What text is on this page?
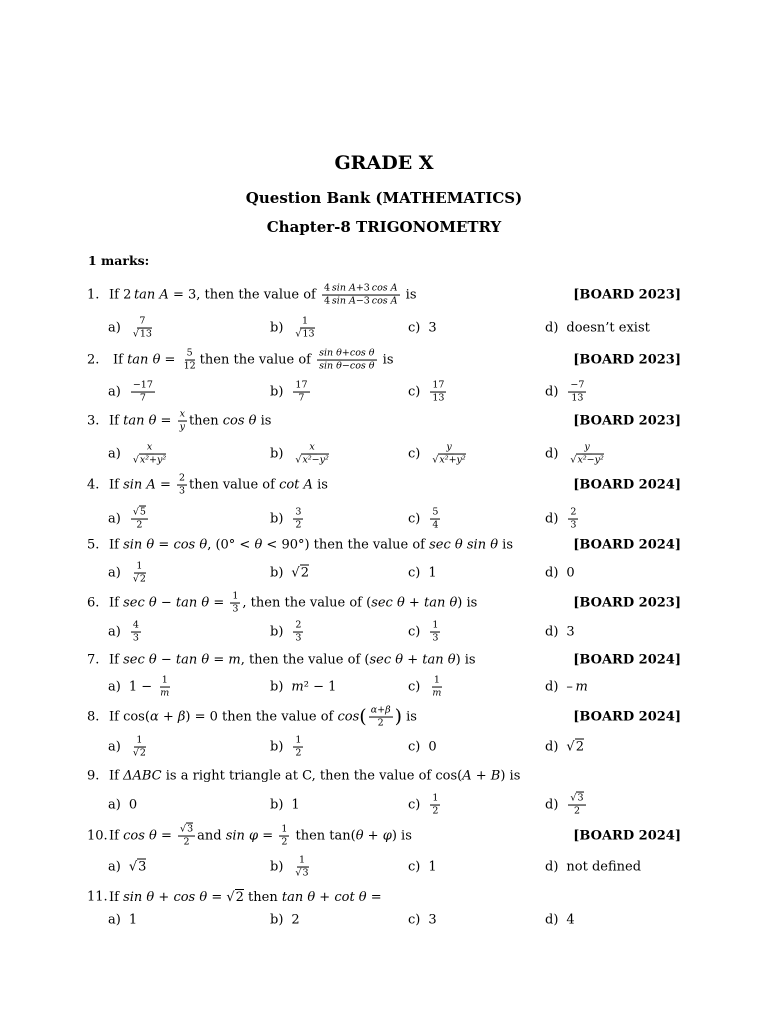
GRADE X
Question Bank (MATHEMATICS)
Chapter-8 TRIGONOMETRY
1 marks:
1. If 2  tan A = 3, then the value of $\frac{\text{4 sin A+3 cos A}}{\text{4 sin A−3 cos A}}$ is	[BOARD 2023]
$a) \frac{7}{√13}$	$b) \frac{1}{√13}$	c) 3	d) doesn’t exist
2. If $\tan \theta = \frac{5}{12}$ then the value of $\frac{\text{sin θ+cos θ}}{\text{sin θ−cos θ}}$ is	[BOARD 2023]
$a) \frac{-17}{7}$	$b) \frac{17}{7}$	$c) \frac{17}{13}$	$d) \frac{-7}{13}$
3. If $\tan \theta = \frac{x}{y}$ then cos θ is	[BOARD 2023]
$a) \frac{x}{\text{√x²+y²}}$	$b) \frac{x}{\text{√x²−y²}}$	$c) \frac{y}{\text{√x²+y²}}$	$d) \frac{y}{\text{√x²−y²}}$
4. If $\sin A = \frac{2}{3}$ then value of cot A is	[BOARD 2024]
$a) \frac{√5}{2}$	$b) \frac{3}{2}$	$c) \frac{5}{4}$	$d) \frac{2}{3}$
5. If sin θ = cos θ , (0° < θ < 90°) then the value of sec θ sin θ is	[BOARD 2024]
$a) \frac{1}{√2}$	b) √2	c) 1	d) 0
6. If $\sec \theta - \tan \theta = \frac{1}{3}$ , then the value of ( sec θ + tan θ ) is	[BOARD 2023]
$a) \frac{4}{3}$	$b) \frac{2}{3}$	$c) \frac{1}{3}$	d) 3
7. If sec θ − tan θ = m , then the value of ( sec θ + tan θ ) is	[BOARD 2024]
a) $1 - \frac{1}{m}$	b) m ² − 1	$c) \frac{1}{m}$	d) –  m
8. If cos( α + β ) = 0 then the value of cos ( $\frac{\alpha+\beta}{2}$ ) is	[BOARD 2024]
$a) \frac{1}{√2}$	$b) \frac{1}{2}$	c) 0	d) √2
9. If ΔABC is a right triangle at C, then the value of cos( A + B ) is
a) 0	b) 1	$c) \frac{1}{2}$	$d) \frac{√3}{2}$
10. If $\cos \theta = \frac{√3}{2}$ and $\sin \varphi = \frac{1}{2}$ then tan( θ + φ ) is	[BOARD 2024]
a) √3	$b) \frac{1}{√3}$	c) 1	d) not defined
11. If sin θ + cos θ = √ 2 then tan θ + cot θ =
a) 1	b) 2	c) 3	d) 4
